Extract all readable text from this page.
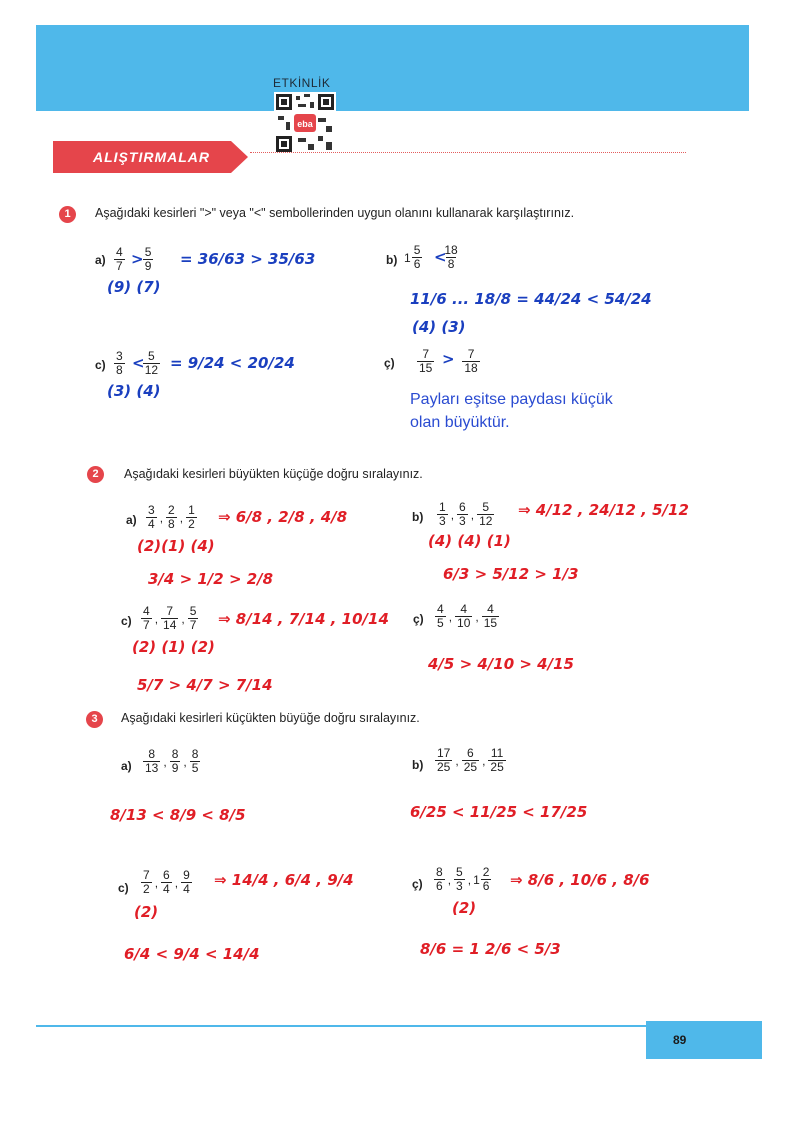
ETKİNLİK
eba
ALIŞTIRMALAR
1	Aşağıdaki kesirleri ">" veya "<" sembollerinden uygun olanını kullanarak karşılaştırınız.
a)
4
7
5
9
> = 36/63 > 35/63
(9) (7)
b) 1
5
6
18
8
<
11/6 ... 18/8 = 44/24 < 54/24
(4) (3)
c)
3
8
5
12
< = 9/24 < 20/24
(3) (4)
ç)
7
15
7
18
>
Payları eşitse paydası küçük
olan büyüktür.
2	Aşağıdaki kesirleri büyükten küçüğe doğru sıralayınız.
a)
3
4 ,
2
8 ,
1
2 ⇒ 6/8 , 2/8 , 4/8
(2)(1) (4)
3/4 > 1/2 > 2/8
b)
1
3 ,
6
3 ,
5
12
⇒ 4/12 , 24/12 , 5/12
(4) (4) (1)
6/3 > 5/12 > 1/3
c)
4
7 ,
7
14 ,
5
7 ⇒ 8/14 , 7/14 , 10/14
(2) (1) (2)
5/7 > 4/7 > 7/14
ç)
4
5 ,
4
10 ,
4
15
4/5 > 4/10 > 4/15
3	Aşağıdaki kesirleri küçükten büyüğe doğru sıralayınız.
a)
8
13 ,
8
9 ,
8
5
8/13 < 8/9 < 8/5
b)
17
25 ,
6
25 ,
11
25
6/25 < 11/25 < 17/25
c)
7
2 ,
6
4 ,
9
4 ⇒ 14/4 , 6/4 , 9/4
(2)
6/4 < 9/4 < 14/4
ç)
8
6 ,
5
3 , 1
2
6 ⇒ 8/6 , 10/6 , 8/6
(2)
8/6 = 1 2/6 < 5/3
89
